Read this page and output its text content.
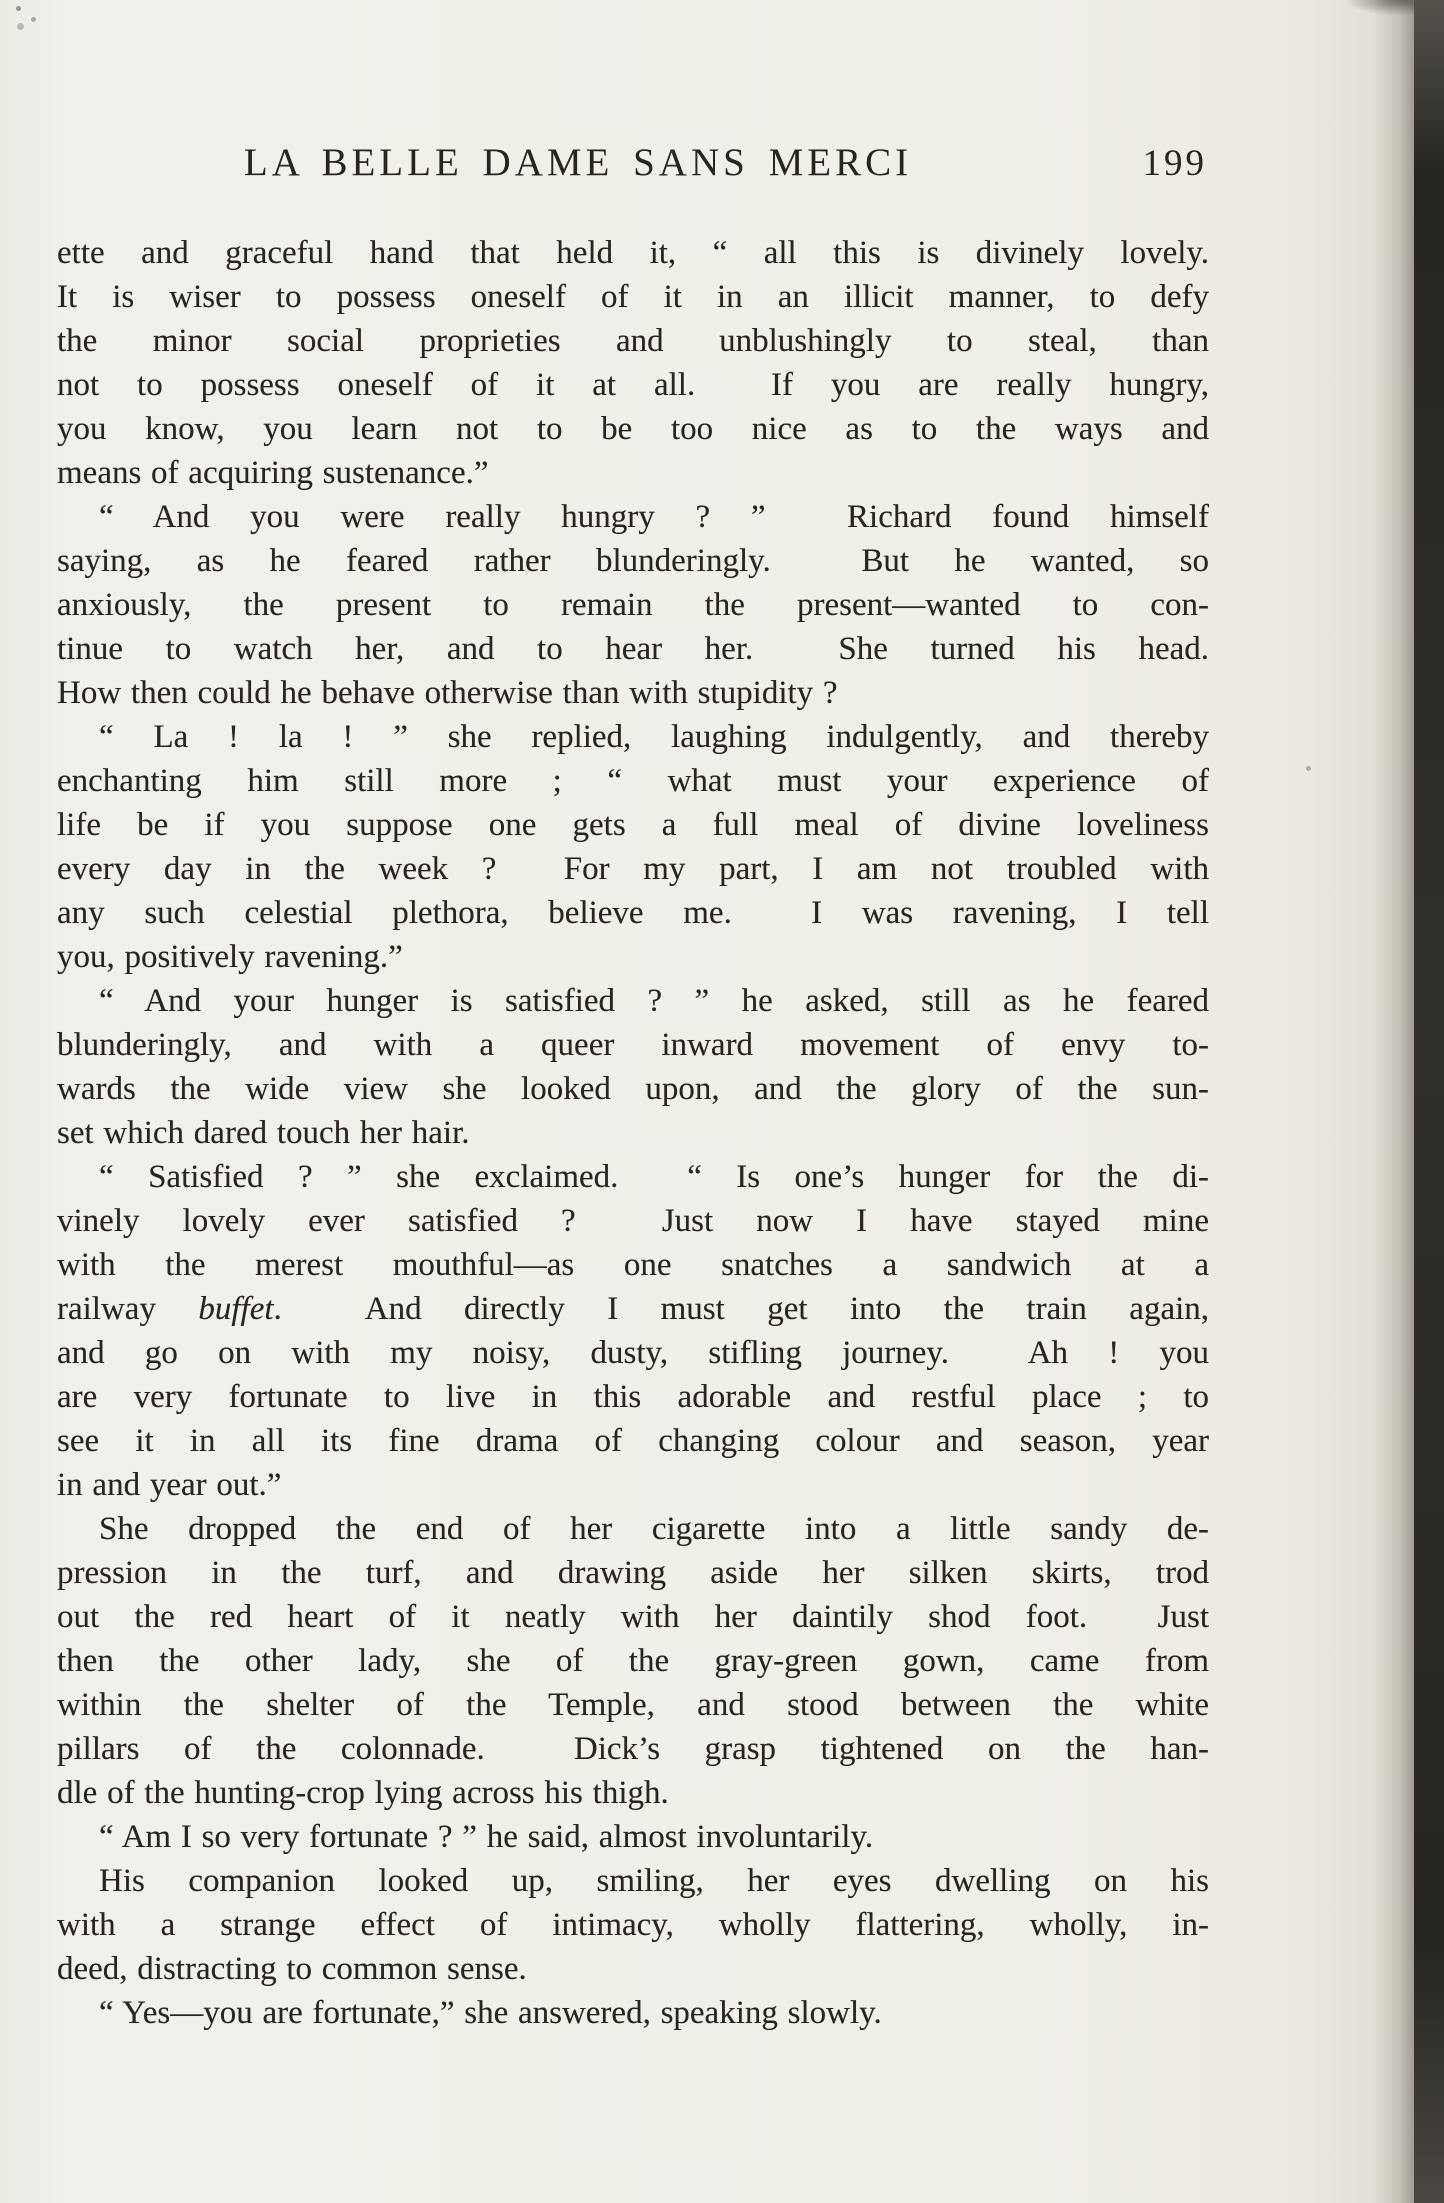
LA BELLE DAME SANS MERCI	199
ette and graceful hand that held it, “ all this is divinely lovely.
It is wiser to possess oneself of it in an illicit manner, to defy
the minor social proprieties and unblushingly to steal, than
not to possess oneself of it at all.  If you are really hungry,
you know, you learn not to be too nice as to the ways and
means of acquiring sustenance.”
“ And you were really hungry ? ”  Richard found himself
saying, as he feared rather blunderingly.  But he wanted, so
anxiously, the present to remain the present—wanted to con-
tinue to watch her, and to hear her.  She turned his head.
How then could he behave otherwise than with stupidity ?
“ La ! la ! ” she replied, laughing indulgently, and thereby
enchanting him still more ; “ what must your experience of
life be if you suppose one gets a full meal of divine loveliness
every day in the week ?  For my part, I am not troubled with
any such celestial plethora, believe me.  I was ravening, I tell
you, positively ravening.”
“ And your hunger is satisfied ? ” he asked, still as he feared
blunderingly, and with a queer inward movement of envy to-
wards the wide view she looked upon, and the glory of the sun-
set which dared touch her hair.
“ Satisfied ? ” she exclaimed.  “ Is one’s hunger for the di-
vinely lovely ever satisfied ?  Just now I have stayed mine
with the merest mouthful—as one snatches a sandwich at a
railway buffet.  And directly I must get into the train again,
and go on with my noisy, dusty, stifling journey.  Ah ! you
are very fortunate to live in this adorable and restful place ; to
see it in all its fine drama of changing colour and season, year
in and year out.”
She dropped the end of her cigarette into a little sandy de-
pression in the turf, and drawing aside her silken skirts, trod
out the red heart of it neatly with her daintily shod foot.  Just
then the other lady, she of the gray-green gown, came from
within the shelter of the Temple, and stood between the white
pillars of the colonnade.  Dick’s grasp tightened on the han-
dle of the hunting-crop lying across his thigh.
“ Am I so very fortunate ? ” he said, almost involuntarily.
His companion looked up, smiling, her eyes dwelling on his
with a strange effect of intimacy, wholly flattering, wholly, in-
deed, distracting to common sense.
“ Yes—you are fortunate,” she answered, speaking slowly.
